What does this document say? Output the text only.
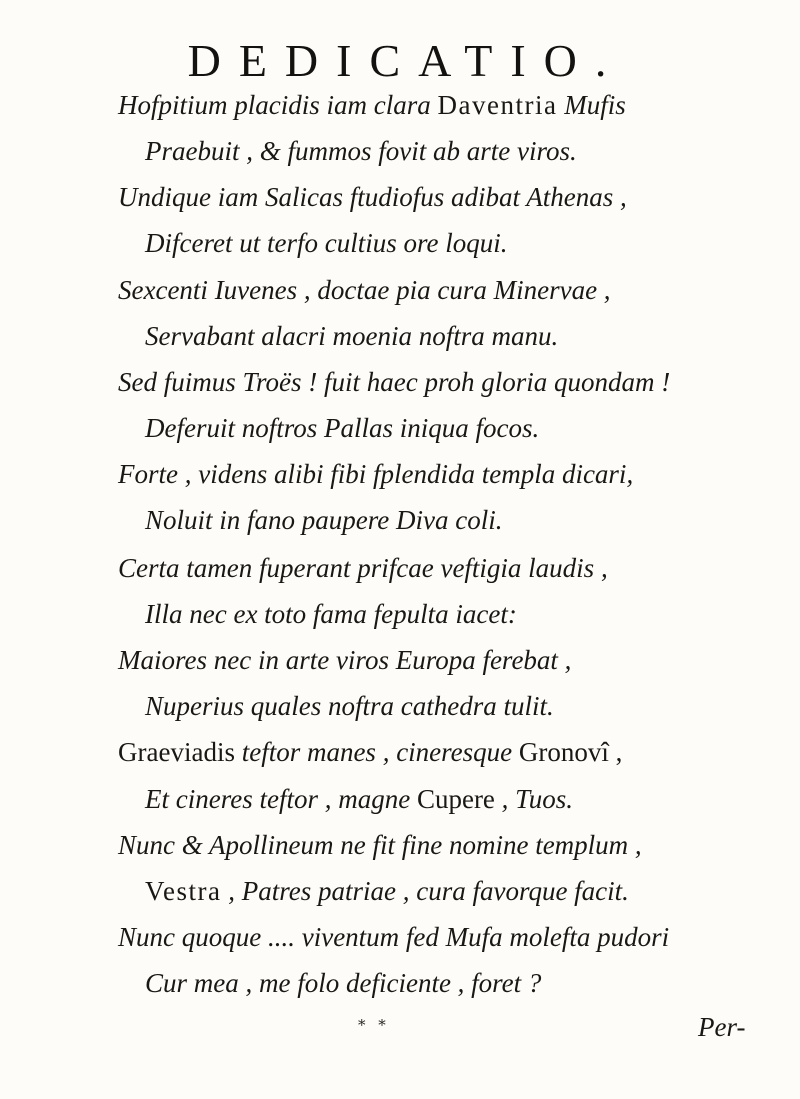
DEDICATIO.
Hofpitium placidis iam clara Daventria Mufis
Praebuit , & fummos fovit ab arte viros.
Undique iam Salicas ftudiofus adibat Athenas ,
Difceret ut terfo cultius ore loqui.
Sexcenti Iuvenes , doctae pia cura Minervae ,
Servabant alacri moenia noftra manu.
Sed fuimus Troës ! fuit haec proh gloria quondam !
Deferuit noftros Pallas iniqua focos.
Forte , videns alibi fibi fplendida templa dicari,
Noluit in fano paupere Diva coli.
Certa tamen fuperant prifcae veftigia laudis ,
Illa nec ex toto fama fepulta iacet:
Maiores nec in arte viros Europa ferebat ,
Nuperius quales noftra cathedra tulit.
Graeviadis teftor manes , cineresque Gronovî ,
Et cineres teftor , magne Cupere , Tuos.
Nunc & Apollineum ne fit fine nomine templum ,
Vestra , Patres patriae , cura favorque facit.
Nunc quoque .... viventum fed Mufa molefta pudori
Cur mea , me folo deficiente , foret ?
* *	Per-
